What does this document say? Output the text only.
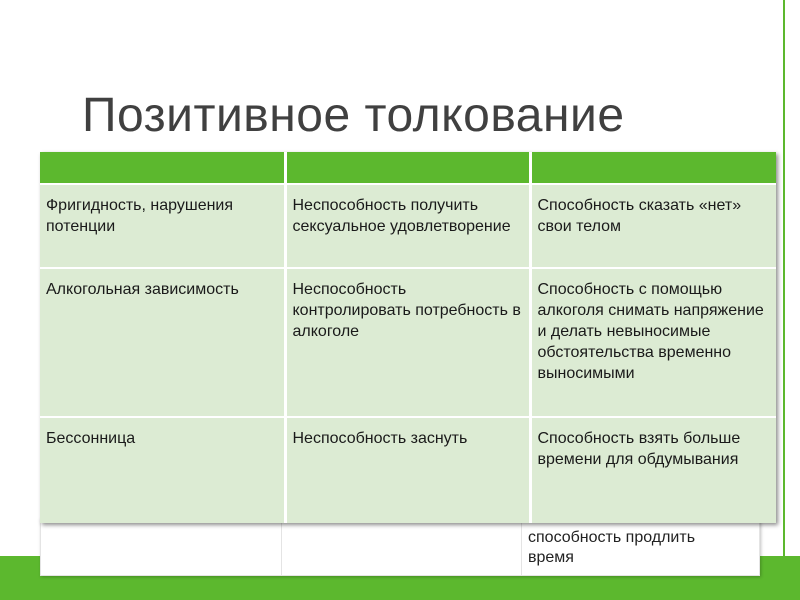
способность продлить
время
Позитивное толкование

Фригидность, нарушения потенции	Неспособность получить сексуальное удовлетворение	Способность сказать «нет» свои телом
Алкогольная зависимость	Неспособность контролировать потребность в алкоголе	Способность с помощью алкоголя снимать напряжение и делать невыносимые обстоятельства временно выносимыми
Бессонница	Неспособность заснуть	Способность взять больше времени для обдумывания
